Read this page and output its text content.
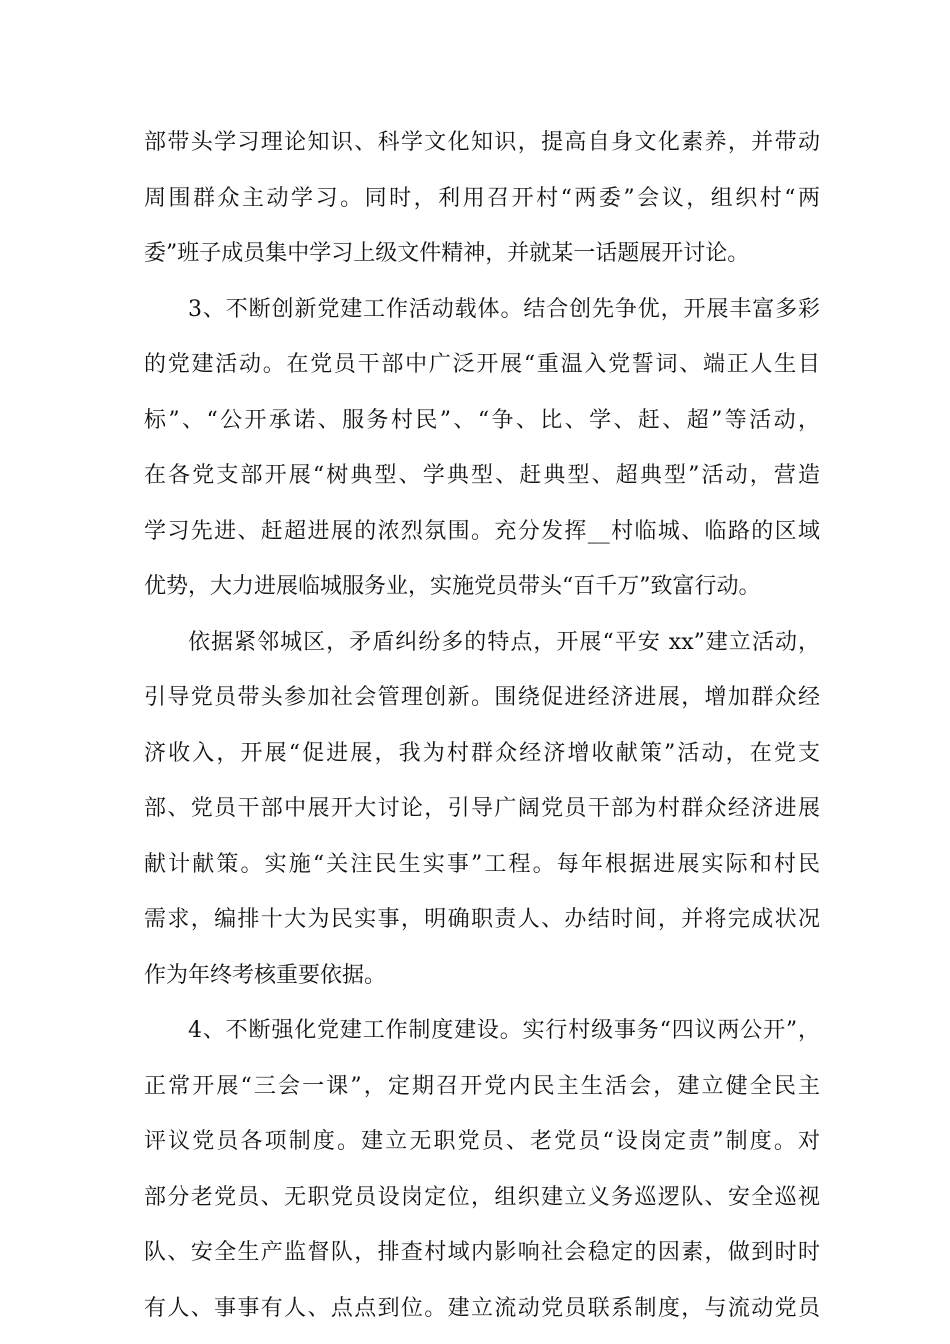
部带头学习理论知识、科学文化知识，提高自身文化素养，并带动
周围群众主动学习。同时，利用召开村“两委”会议，组织村“两
委”班子成员集中学习上级文件精神，并就某一话题展开讨论。
3、不断创新党建工作活动载体。结合创先争优，开展丰富多彩
的党建活动。在党员干部中广泛开展“重温入党誓词、端正人生目
标”、“公开承诺、服务村民”、“争、比、学、赶、超”等活动，
在各党支部开展“树典型、学典型、赶典型、超典型”活动，营造
学习先进、赶超进展的浓烈氛围。充分发挥__村临城、临路的区域
优势，大力进展临城服务业，实施党员带头“百千万”致富行动。
依据紧邻城区，矛盾纠纷多的特点，开展“平安 xx”建立活动，
引导党员带头参加社会管理创新。围绕促进经济进展，增加群众经
济收入，开展“促进展，我为村群众经济增收献策”活动，在党支
部、党员干部中展开大讨论，引导广阔党员干部为村群众经济进展
献计献策。实施“关注民生实事”工程。每年根据进展实际和村民
需求，编排十大为民实事，明确职责人、办结时间，并将完成状况
作为年终考核重要依据。
4、不断强化党建工作制度建设。实行村级事务“四议两公开”，
正常开展“三会一课”，定期召开党内民主生活会，建立健全民主
评议党员各项制度。建立无职党员、老党员“设岗定责”制度。对
部分老党员、无职党员设岗定位，组织建立义务巡逻队、安全巡视
队、安全生产监督队，排查村域内影响社会稳定的因素，做到时时
有人、事事有人、点点到位。建立流动党员联系制度，与流动党员
